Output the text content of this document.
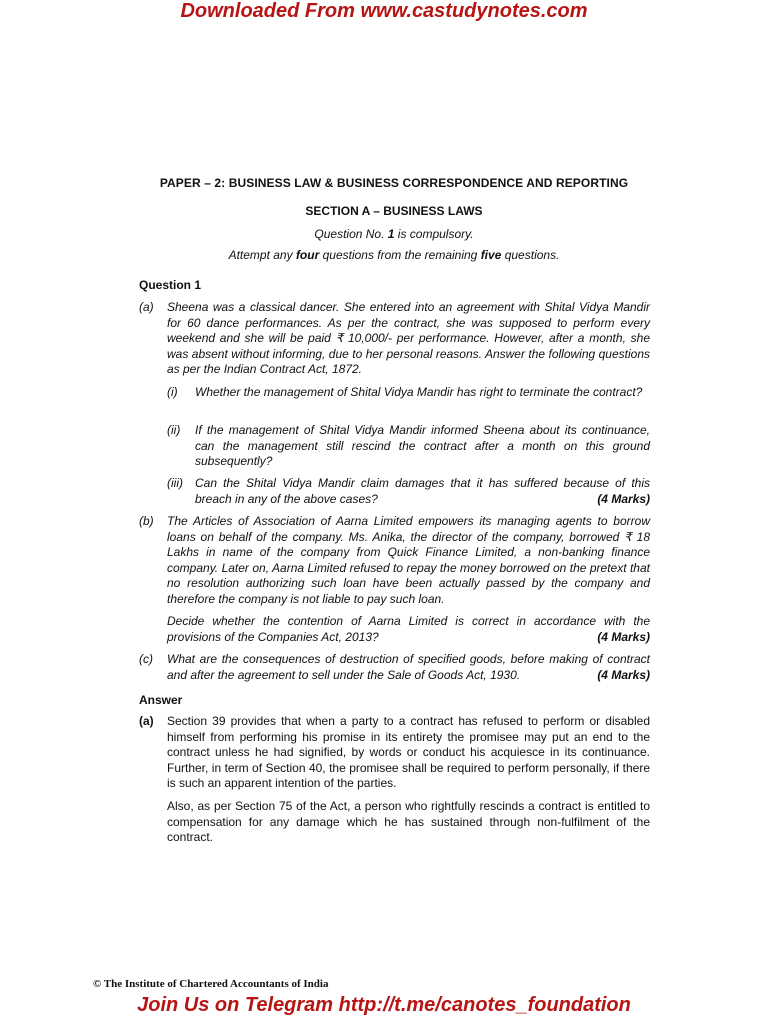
Downloaded From www.castudynotes.com
PAPER – 2: BUSINESS LAW & BUSINESS CORRESPONDENCE AND REPORTING
SECTION A – BUSINESS LAWS
Question No. 1 is compulsory.
Attempt any four questions from the remaining five questions.
Question 1
(a) Sheena was a classical dancer. She entered into an agreement with Shital Vidya Mandir for 60 dance performances. As per the contract, she was supposed to perform every weekend and she will be paid ₹ 10,000/- per performance. However, after a month, she was absent without informing, due to her personal reasons. Answer the following questions as per the Indian Contract Act, 1872.
(i) Whether the management of Shital Vidya Mandir has right to terminate the contract?
(ii) If the management of Shital Vidya Mandir informed Sheena about its continuance, can the management still rescind the contract after a month on this ground subsequently?
(iii) Can the Shital Vidya Mandir claim damages that it has suffered because of this breach in any of the above cases?	(4 Marks)
(b) The Articles of Association of Aarna Limited empowers its managing agents to borrow loans on behalf of the company. Ms. Anika, the director of the company, borrowed ₹ 18 Lakhs in name of the company from Quick Finance Limited, a non-banking finance company. Later on, Aarna Limited refused to repay the money borrowed on the pretext that no resolution authorizing such loan have been actually passed by the company and therefore the company is not liable to pay such loan.
Decide whether the contention of Aarna Limited is correct in accordance with the provisions of the Companies Act, 2013?	(4 Marks)
(c) What are the consequences of destruction of specified goods, before making of contract and after the agreement to sell under the Sale of Goods Act, 1930.	(4 Marks)
Answer
(a) Section 39 provides that when a party to a contract has refused to perform or disabled himself from performing his promise in its entirety the promisee may put an end to the contract unless he had signified, by words or conduct his acquiesce in its continuance. Further, in term of Section 40, the promisee shall be required to perform personally, if there is such an apparent intention of the parties.
Also, as per Section 75 of the Act, a person who rightfully rescinds a contract is entitled to compensation for any damage which he has sustained through non-fulfilment of the contract.
© The Institute of Chartered Accountants of India
Join Us on Telegram http://t.me/canotes_foundation
